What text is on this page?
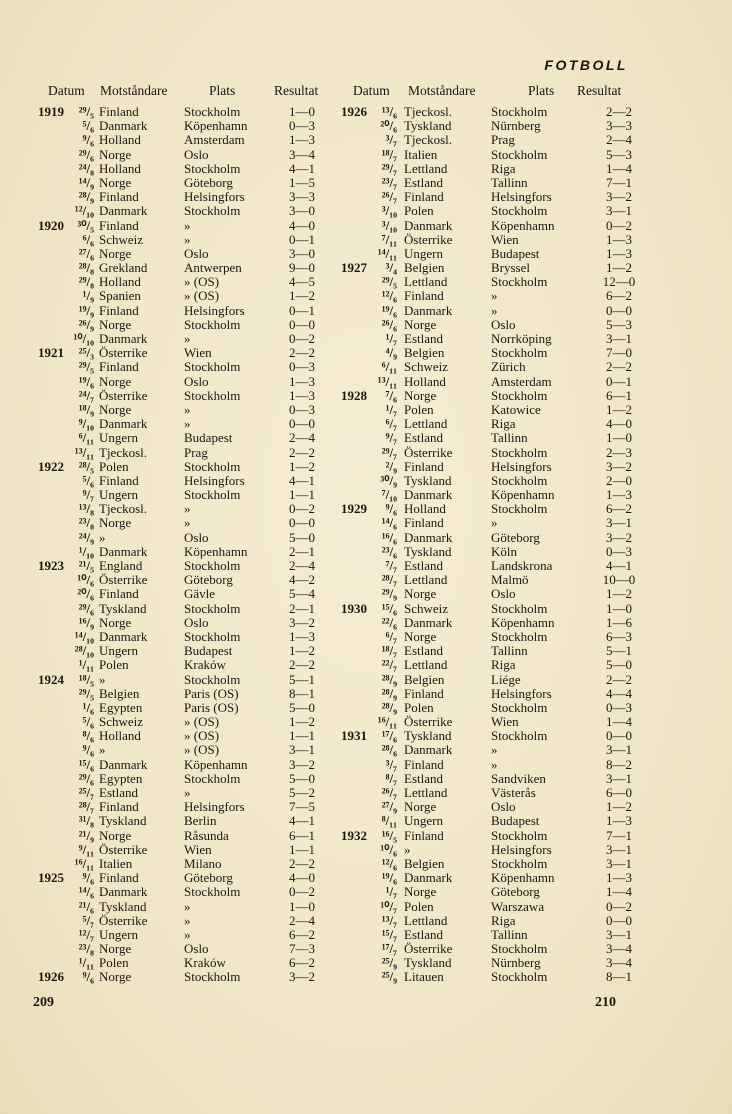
FOTBOLL
Datum Motståndare	Plats	Resultat
1919	²⁹/₅ Finland	Stockholm	1—0
⁵/₆ Danmark	Köpenhamn	0—3
⁹/₆ Holland	Amsterdam	1—3
²⁹/₆ Norge	Oslo	3—4
²⁴/₈ Holland	Stockholm	4—1
¹⁴/₉ Norge	Göteborg	1—5
²⁸/₉ Finland	Helsingfors	3—3
¹²/₁₀ Danmark	Stockholm	3—0
1920	³⁰/₅ Finland	»	4—0
⁶/₆ Schweiz	»	0—1
²⁷/₆ Norge	Oslo	3—0
²⁸/₈ Grekland	Antwerpen	9—0
²⁹/₈ Holland	» (OS)	4—5
¹/₉ Spanien	» (OS)	1—2
¹⁹/₉ Finland	Helsingfors	0—1
²⁶/₉ Norge	Stockholm	0—0
¹⁰/₁₀ Danmark	»	0—2
1921	²⁵/₃ Österrike	Wien	2—2
²⁹/₅ Finland	Stockholm	0—3
¹⁹/₆ Norge	Oslo	1—3
²⁴/₇ Österrike	Stockholm	1—3
¹⁸/₉ Norge	»	0—3
⁹/₁₀ Danmark	»	0—0
⁶/₁₁ Ungern	Budapest	2—4
¹³/₁₁ Tjeckosl.	Prag	2—2
1922	²⁸/₅ Polen	Stockholm	1—2
⁵/₆ Finland	Helsingfors	4—1
⁹/₇ Ungern	Stockholm	1—1
¹³/₈ Tjeckosl.	»	0—2
²³/₈ Norge	»	0—0
²⁴/₉ »	Oslo	5—0
¹/₁₀ Danmark	Köpenhamn	2—1
1923	²¹/₅ England	Stockholm	2—4
¹⁰/₆ Österrike	Göteborg	4—2
²⁰/₆ Finland	Gävle	5—4
²⁹/₆ Tyskland	Stockholm	2—1
¹⁶/₉ Norge	Oslo	3—2
¹⁴/₁₀ Danmark	Stockholm	1—3
²⁸/₁₀ Ungern	Budapest	1—2
¹/₁₁ Polen	Kraków	2—2
1924	¹⁸/₅ »	Stockholm	5—1
²⁹/₅ Belgien	Paris (OS)	8—1
¹/₆ Egypten	Paris (OS)	5—0
⁵/₆ Schweiz	» (OS)	1—2
⁸/₆ Holland	» (OS)	1—1
⁹/₆ »	» (OS)	3—1
¹⁵/₆ Danmark	Köpenhamn	3—2
²⁹/₆ Egypten	Stockholm	5—0
²⁵/₇ Estland	»	5—2
²⁸/₇ Finland	Helsingfors	7—5
³¹/₈ Tyskland	Berlin	4—1
²¹/₉ Norge	Råsunda	6—1
⁹/₁₁ Österrike	Wien	1—1
¹⁶/₁₁ Italien	Milano	2—2
1925	⁹/₆ Finland	Göteborg	4—0
¹⁴/₆ Danmark	Stockholm	0—2
²¹/₆ Tyskland	»	1—0
⁵/₇ Österrike	»	2—4
¹²/₇ Ungern	»	6—2
²³/₈ Norge	Oslo	7—3
¹/₁₁ Polen	Kraków	6—2
1926	⁹/₆ Norge	Stockholm	3—2
Datum Motståndare	Plats Resultat
1926	¹³/₆ Tjeckosl.	Stockholm	2—2
²⁰/₆ Tyskland	Nürnberg	3—3
³/₇ Tjeckosl.	Prag	2—4
¹⁸/₇ Italien	Stockholm	5—3
²⁹/₇ Lettland	Riga	1—4
²³/₇ Estland	Tallinn	7—1
²⁶/₇ Finland	Helsingfors	3—2
³/₁₀ Polen	Stockholm	3—1
³/₁₀ Danmark	Köpenhamn	0—2
⁷/₁₁ Österrike	Wien	1—3
¹⁴/₁₁ Ungern	Budapest	1—3
1927	³/₄ Belgien	Bryssel	1—2
²⁹/₅ Lettland	Stockholm	12—0
¹²/₆ Finland	»	6—2
¹⁹/₆ Danmark	»	0—0
²⁶/₆ Norge	Oslo	5—3
¹/₇ Estland	Norrköping	3—1
⁴/₉ Belgien	Stockholm	7—0
⁶/₁₁ Schweiz	Zürich	2—2
¹³/₁₁ Holland	Amsterdam	0—1
1928	⁷/₆ Norge	Stockholm	6—1
¹/₇ Polen	Katowice	1—2
⁶/₇ Lettland	Riga	4—0
⁹/₇ Estland	Tallinn	1—0
²⁹/₇ Österrike	Stockholm	2—3
²/₉ Finland	Helsingfors	3—2
³⁰/₉ Tyskland	Stockholm	2—0
⁷/₁₀ Danmark	Köpenhamn	1—3
1929	⁹/₆ Holland	Stockholm	6—2
¹⁴/₆ Finland	»	3—1
¹⁶/₆ Danmark	Göteborg	3—2
²³/₆ Tyskland	Köln	0—3
⁷/₇ Estland	Landskrona	4—1
²⁸/₇ Lettland	Malmö	10—0
²⁹/₉ Norge	Oslo	1—2
1930	¹⁵/₆ Schweiz	Stockholm	1—0
²²/₆ Danmark	Köpenhamn	1—6
⁶/₇ Norge	Stockholm	6—3
¹⁸/₇ Estland	Tallinn	5—1
²²/₇ Lettland	Riga	5—0
²⁸/₉ Belgien	Liége	2—2
²⁸/₉ Finland	Helsingfors	4—4
²⁸/₉ Polen	Stockholm	0—3
¹⁶/₁₁ Österrike	Wien	1—4
1931	¹⁷/₆ Tyskland	Stockholm	0—0
²⁸/₆ Danmark	»	3—1
³/₇ Finland	»	8—2
⁸/₇ Estland	Sandviken	3—1
²⁶/₇ Lettland	Västerås	6—0
²⁷/₉ Norge	Oslo	1—2
⁸/₁₁ Ungern	Budapest	1—3
1932	¹⁶/₅ Finland	Stockholm	7—1
¹⁰/₆ »	Helsingfors	3—1
¹²/₆ Belgien	Stockholm	3—1
¹⁹/₆ Danmark	Köpenhamn	1—3
¹/₇ Norge	Göteborg	1—4
¹⁰/₇ Polen	Warszawa	0—2
¹³/₇ Lettland	Riga	0—0
¹⁵/₇ Estland	Tallinn	3—1
¹⁷/₇ Österrike	Stockholm	3—4
²⁵/₉ Tyskland	Nürnberg	3—4
²⁵/₉ Litauen	Stockholm	8—1
209	210
